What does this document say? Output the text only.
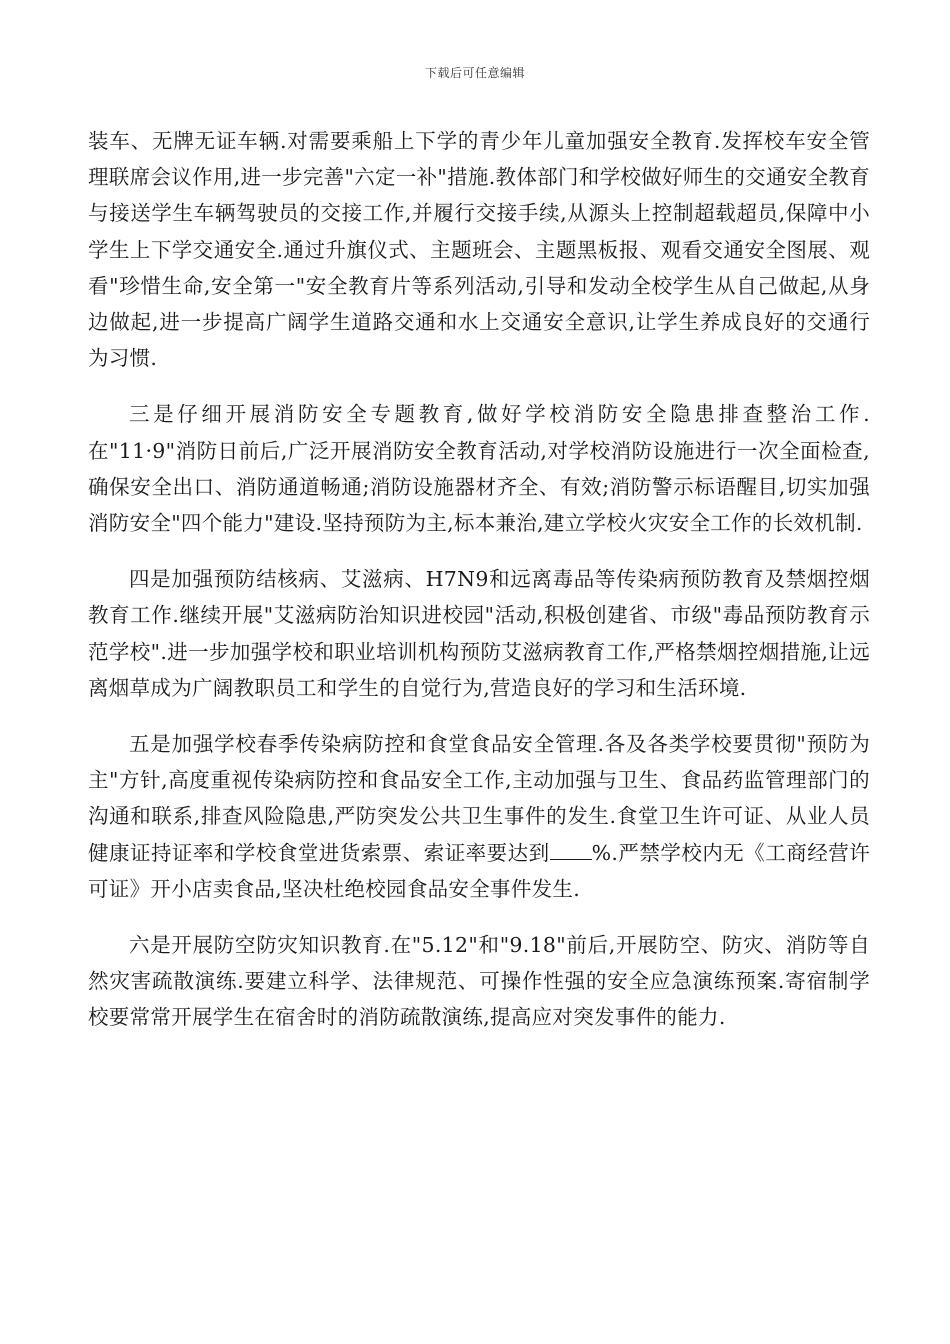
下载后可任意编辑

装车、无牌无证车辆.对需要乘船上下学的青少年儿童加强安全教育.发挥校车安全管理联席会议作用,进一步完善"六定一补"措施.教体部门和学校做好师生的交通安全教育与接送学生车辆驾驶员的交接工作,并履行交接手续,从源头上控制超载超员,保障中小学生上下学交通安全.通过升旗仪式、主题班会、主题黑板报、观看交通安全图展、观看"珍惜生命,安全第一"安全教育片等系列活动,引导和发动全校学生从自己做起,从身边做起,进一步提高广阔学生道路交通和水上交通安全意识,让学生养成良好的交通行为习惯.

三是仔细开展消防安全专题教育,做好学校消防安全隐患排查整治工作.在"11·9"消防日前后,广泛开展消防安全教育活动,对学校消防设施进行一次全面检查,确保安全出口、消防通道畅通;消防设施器材齐全、有效;消防警示标语醒目,切实加强消防安全"四个能力"建设.坚持预防为主,标本兼治,建立学校火灾安全工作的长效机制.

四是加强预防结核病、艾滋病、H7N9和远离毒品等传染病预防教育及禁烟控烟教育工作.继续开展"艾滋病防治知识进校园"活动,积极创建省、市级"毒品预防教育示范学校".进一步加强学校和职业培训机构预防艾滋病教育工作,严格禁烟控烟措施,让远离烟草成为广阔教职员工和学生的自觉行为,营造良好的学习和生活环境.

五是加强学校春季传染病防控和食堂食品安全管理.各及各类学校要贯彻"预防为主"方针,高度重视传染病防控和食品安全工作,主动加强与卫生、食品药监管理部门的沟通和联系,排查风险隐患,严防突发公共卫生事件的发生.食堂卫生许可证、从业人员健康证持证率和学校食堂进货索票、索证率要达到 %.严禁学校内无《工商经营许可证》开小店卖食品,坚决杜绝校园食品安全事件发生.

六是开展防空防灾知识教育.在"5.12"和"9.18"前后,开展防空、防灾、消防等自然灾害疏散演练.要建立科学、法律规范、可操作性强的安全应急演练预案.寄宿制学校要常常开展学生在宿舍时的消防疏散演练,提高应对突发事件的能力.
